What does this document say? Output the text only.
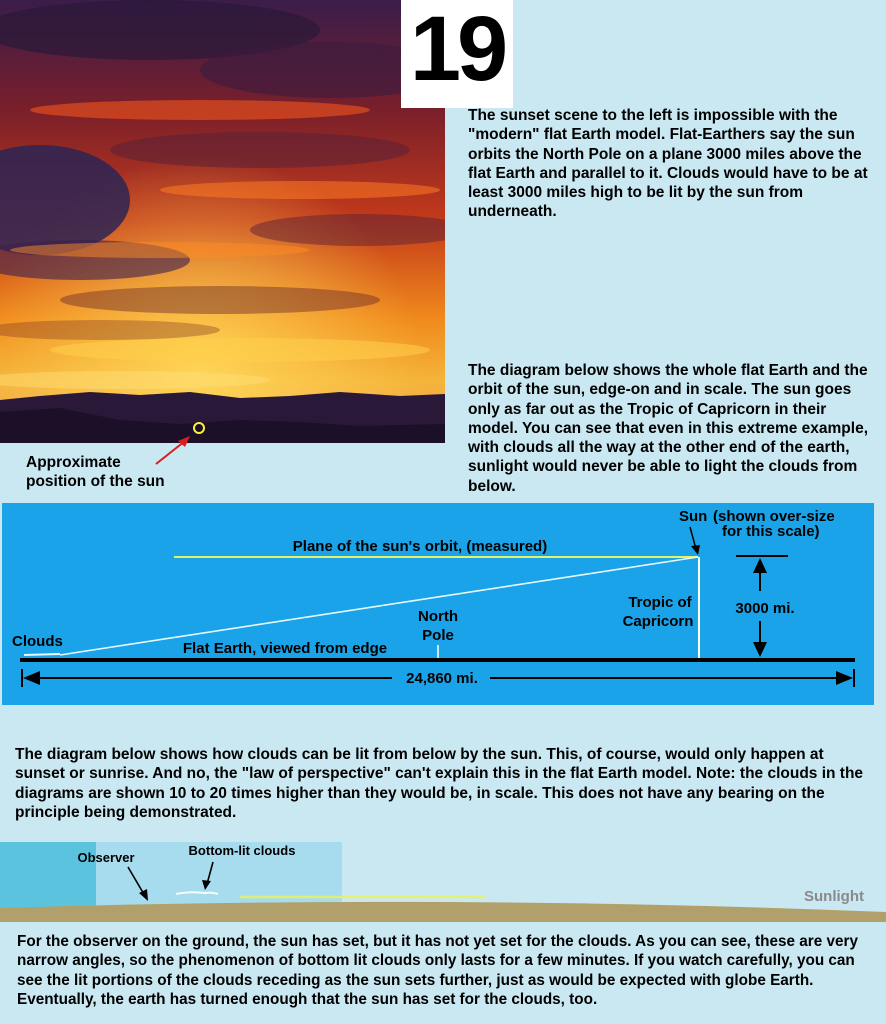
19
The sunset scene to the left is impossible with the "modern" flat Earth model. Flat-Earthers say the sun orbits the North Pole on a plane 3000 miles above the flat Earth and parallel to it. Clouds would have to be at least 3000 miles high to be lit by the sun from underneath.
The diagram below shows the whole flat Earth and the orbit of the sun, edge-on and in scale. The sun goes only as far out as the Tropic of Capricorn in their model. You can see that even in this extreme example, with clouds all the way at the other end of the earth, sunlight would never be able to light the clouds from below.
Approximate
position of the sun
Plane of the sun's orbit, (measured)
Sun (shown over-size
for this scale)
Clouds
North
Pole
Tropic of
Capricorn
3000 mi.
Flat Earth, viewed from edge
24,860 mi.
The diagram below shows how clouds can be lit from below by the sun. This, of course, would only happen at sunset or sunrise. And no, the "law of perspective" can't explain this in the flat Earth model. Note: the clouds in the diagrams are shown 10 to 20 times higher than they would be, in scale. This does not have any bearing on the principle being demonstrated.
Observer	Bottom-lit clouds
Sunlight
For the observer on the ground, the sun has set, but it has not yet set for the clouds. As you can see, these are very narrow angles, so the phenomenon of bottom lit clouds only lasts for a few minutes. If you watch carefully, you can see the lit portions of the clouds receding as the sun sets further, just as would be expected with globe Earth. Eventually, the earth has turned enough that the sun has set for the clouds, too.
